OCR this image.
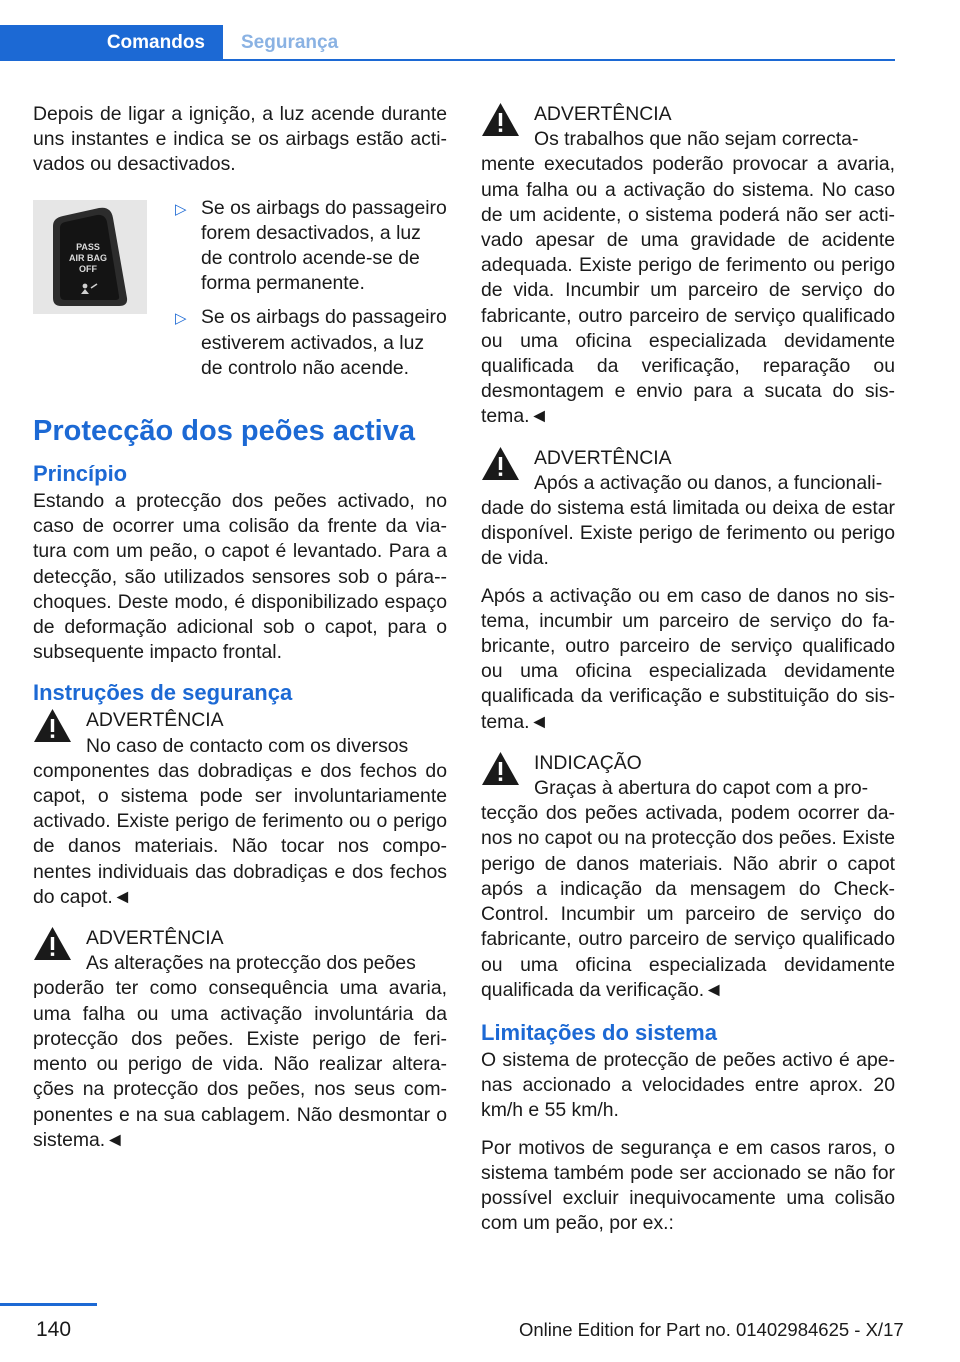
Comandos	Segurança

Depois de ligar a ignição, a luz acende durante uns instantes e indica se os airbags estão activados ou desactivados.

PASS
AIR BAG
OFF
▷ Se os airbags do passageiro forem desactivados, a luz de controlo acende-se de forma permanente.
▷ Se os airbags do passageiro estiverem activados, a luz de controlo não acende.
Protecção dos peões activa
Princípio

Estando a protecção dos peões activado, no caso de ocorrer uma colisão da frente da viatura com um peão, o capot é levantado. Para a detecção, são utilizados sensores sob o pára--choques. Deste modo, é disponibilizado espaço de deformação adicional sob o capot, para o subsequente impacto frontal.

Instruções de segurança
ADVERTÊNCIA
No caso de contacto com os diversos
componentes das dobradiças e dos fechos do capot, o sistema pode ser involuntariamente activado. Existe perigo de ferimento ou o perigo de danos materiais. Não tocar nos componentes individuais das dobradiças e dos fechos do capot.◄
ADVERTÊNCIA
As alterações na protecção dos peões
poderão ter como consequência uma avaria, uma falha ou uma activação involuntária da protecção dos peões. Existe perigo de ferimento ou perigo de vida. Não realizar alterações na protecção dos peões, nos seus componentes e na sua cablagem. Não desmontar o sistema.◄
ADVERTÊNCIA
Os trabalhos que não sejam correcta-
mente executados poderão provocar a avaria, uma falha ou a activação do sistema. No caso de um acidente, o sistema poderá não ser activado apesar de uma gravidade de acidente adequada. Existe perigo de ferimento ou perigo de vida. Incumbir um parceiro de serviço do fabricante, outro parceiro de serviço qualificado ou uma oficina especializada devidamente qualificada da verificação, reparação ou desmontagem e envio para a sucata do sistema.◄
ADVERTÊNCIA
Após a activação ou danos, a funcionali-

dade do sistema está limitada ou deixa de estar disponível. Existe perigo de ferimento ou perigo de vida.

Após a activação ou em caso de danos no sistema, incumbir um parceiro de serviço do fabricante, outro parceiro de serviço qualificado ou uma oficina especializada devidamente qualificada da verificação e substituição do sistema.◄
INDICAÇÃO
Graças à abertura do capot com a pro-
tecção dos peões activada, podem ocorrer danos no capot ou na protecção dos peões. Existe perigo de danos materiais. Não abrir o capot após a indicação da mensagem do Check-Control. Incumbir um parceiro de serviço do fabricante, outro parceiro de serviço qualificado ou uma oficina especializada devidamente qualificada da verificação.◄
Limitações do sistema

O sistema de protecção de peões activo é apenas accionado a velocidades entre aprox. 20 km/h e 55 km/h.

Por motivos de segurança e em casos raros, o sistema também pode ser accionado se não for possível excluir inequivocamente uma colisão com um peão, por ex.:

140	Online Edition for Part no. 01402984625 - X/17
